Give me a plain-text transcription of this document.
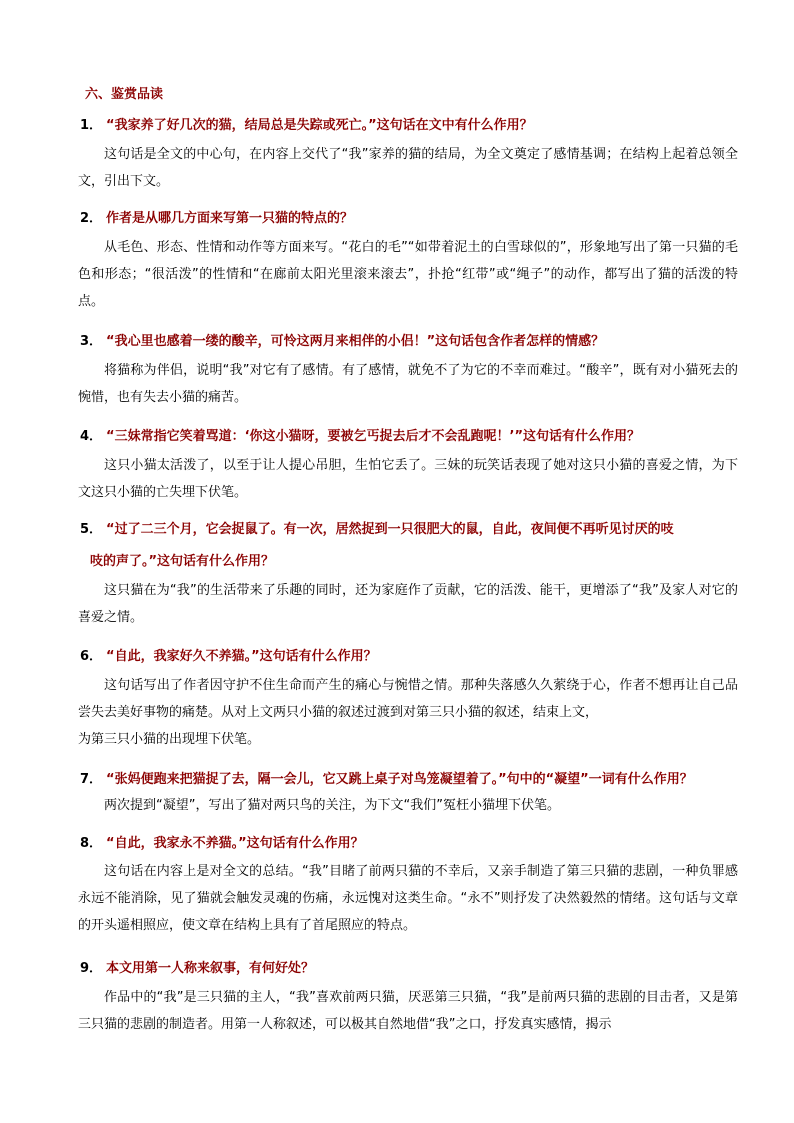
六、鉴赏品读
1． “我家养了好几次的猫，结局总是失踪或死亡。”这句话在文中有什么作用？
这句话是全文的中心句，在内容上交代了“我”家养的猫的结局，为全文奠定了感情基调；在结构上起着总领全文，引出下文。
2． 作者是从哪几方面来写第一只猫的特点的？
从毛色、形态、性情和动作等方面来写。“花白的毛”“如带着泥土的白雪球似的”，形象地写出了第一只猫的毛色和形态；“很活泼”的性情和“在廊前太阳光里滚来滚去”，扑抢“红带”或“绳子”的动作，都写出了猫的活泼的特点。
3． “我心里也感着一缕的酸辛，可怜这两月来相伴的小侣！”这句话包含作者怎样的情感？
将猫称为伴侣，说明“我”对它有了感情。有了感情，就免不了为它的不幸而难过。“酸辛”，既有对小猫死去的惋惜，也有失去小猫的痛苦。
4． “三妹常指它笑着骂道：‘你这小猫呀，要被乞丐捉去后才不会乱跑呢！’”这句话有什么作用？
这只小猫太活泼了，以至于让人提心吊胆，生怕它丢了。三妹的玩笑话表现了她对这只小猫的喜爱之情，为下文这只小猫的亡失埋下伏笔。
5． “过了二三个月，它会捉鼠了。有一次，居然捉到一只很肥大的鼠，自此，夜间便不再听见讨厌的吱
吱的声了。”这句话有什么作用？
这只猫在为“我”的生活带来了乐趣的同时，还为家庭作了贡献，它的活泼、能干，更增添了“我”及家人对它的喜爱之情。
6． “自此，我家好久不养猫。”这句话有什么作用？
这句话写出了作者因守护不住生命而产生的痛心与惋惜之情。那种失落感久久萦绕于心，作者不想再让自己品尝失去美好事物的痛楚。从对上文两只小猫的叙述过渡到对第三只小猫的叙述，结束上文，
为第三只小猫的出现埋下伏笔。
7． “张妈便跑来把猫捉了去，隔一会儿，它又跳上桌子对鸟笼凝望着了。”句中的“凝望”一词有什么作用？
两次提到“凝望”，写出了猫对两只鸟的关注，为下文“我们”冤枉小猫埋下伏笔。
8． “自此，我家永不养猫。”这句话有什么作用？
这句话在内容上是对全文的总结。“我”目睹了前两只猫的不幸后，又亲手制造了第三只猫的悲剧，一种负罪感永远不能消除，见了猫就会触发灵魂的伤痛，永远愧对这类生命。“永不”则抒发了决然毅然的情绪。这句话与文章的开头遥相照应，使文章在结构上具有了首尾照应的特点。
9． 本文用第一人称来叙事，有何好处？
作品中的“我”是三只猫的主人，“我”喜欢前两只猫，厌恶第三只猫，“我”是前两只猫的悲剧的目击者，又是第三只猫的悲剧的制造者。用第一人称叙述，可以极其自然地借“我”之口，抒发真实感情，揭示
